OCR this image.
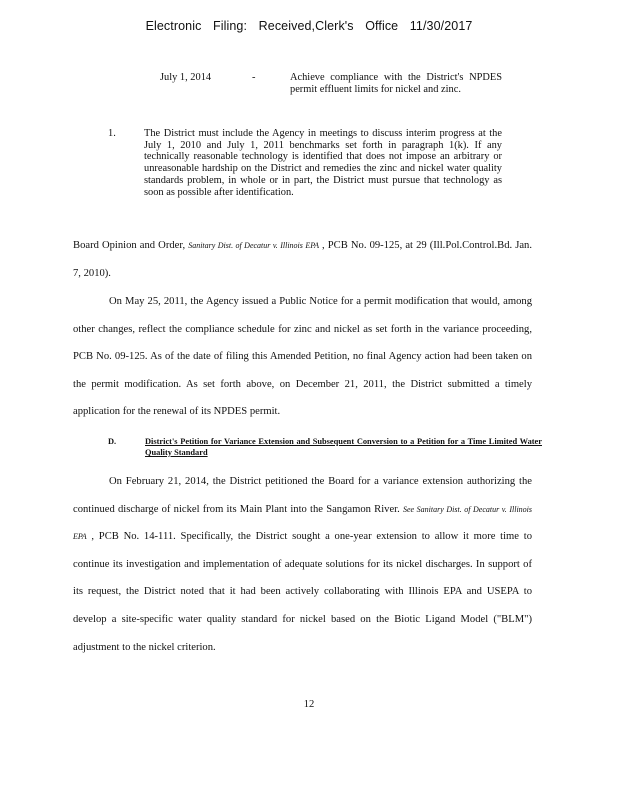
Electronic Filing: Received,Clerk's Office 11/30/2017
July 1, 2014	-	Achieve compliance with the District's NPDES permit effluent limits for nickel and zinc.
1.	The District must include the Agency in meetings to discuss interim progress at the July 1, 2010 and July 1, 2011 benchmarks set forth in paragraph 1(k). If any technically reasonable technology is identified that does not impose an arbitrary or unreasonable hardship on the District and remedies the zinc and nickel water quality standards problem, in whole or in part, the District must pursue that technology as soon as possible after identification.
Board Opinion and Order, Sanitary Dist. of Decatur v. Illinois EPA , PCB No. 09-125, at 29 (Ill.Pol.Control.Bd. Jan. 7, 2010).
On May 25, 2011, the Agency issued a Public Notice for a permit modification that would, among other changes, reflect the compliance schedule for zinc and nickel as set forth in the variance proceeding, PCB No. 09-125. As of the date of filing this Amended Petition, no final Agency action had been taken on the permit modification. As set forth above, on December 21, 2011, the District submitted a timely application for the renewal of its NPDES permit.
D.	District's Petition for Variance Extension and Subsequent Conversion to a Petition for a Time Limited Water Quality Standard
On February 21, 2014, the District petitioned the Board for a variance extension authorizing the continued discharge of nickel from its Main Plant into the Sangamon River. See Sanitary Dist. of Decatur v. Illinois EPA , PCB No. 14-111. Specifically, the District sought a one-year extension to allow it more time to continue its investigation and implementation of adequate solutions for its nickel discharges. In support of its request, the District noted that it had been actively collaborating with Illinois EPA and USEPA to develop a site-specific water quality standard for nickel based on the Biotic Ligand Model ("BLM") adjustment to the nickel criterion.
12
